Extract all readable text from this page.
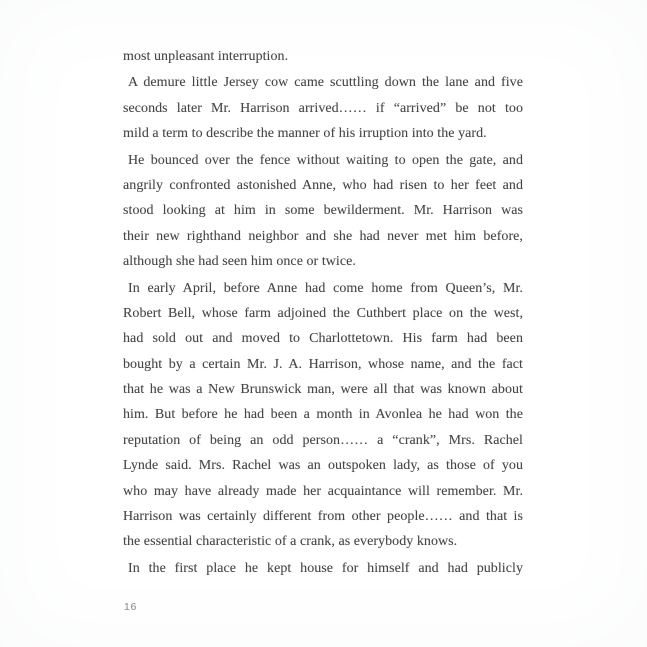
most unpleasant interruption.
A demure little Jersey cow came scuttling down the lane and five
seconds later Mr. Harrison arrived…… if “arrived” be not too
mild a term to describe the manner of his irruption into the yard.
He bounced over the fence without waiting to open the gate, and
angrily confronted astonished Anne, who had risen to her feet and
stood looking at him in some bewilderment. Mr. Harrison was
their new righthand neighbor and she had never met him before,
although she had seen him once or twice.
In early April, before Anne had come home from Queen’s, Mr.
Robert Bell, whose farm adjoined the Cuthbert place on the west,
had sold out and moved to Charlottetown. His farm had been
bought by a certain Mr. J. A. Harrison, whose name, and the fact
that he was a New Brunswick man, were all that was known about
him. But before he had been a month in Avonlea he had won the
reputation of being an odd person…… a “crank”, Mrs. Rachel
Lynde said. Mrs. Rachel was an outspoken lady, as those of you
who may have already made her acquaintance will remember. Mr.
Harrison was certainly different from other people…… and that is
the essential characteristic of a crank, as everybody knows.
In the first place he kept house for himself and had publicly
16
